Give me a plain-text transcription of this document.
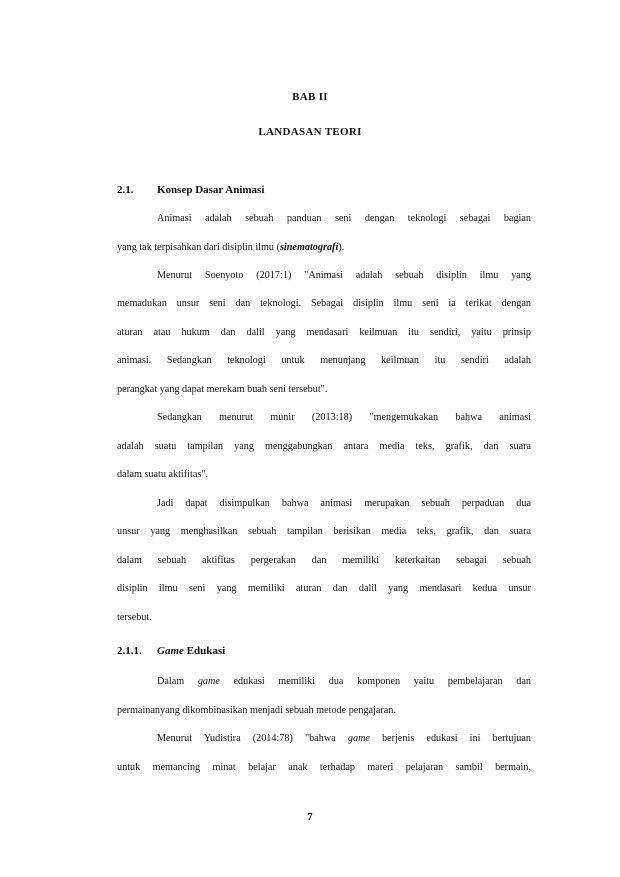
BAB II
LANDASAN TEORI
2.1. Konsep Dasar Animasi
Animasi adalah sebuah panduan seni dengan teknologi sebagai bagian
yang tak terpisahkan dari disiplin ilmu (sinematografi).
Menurut Soenyoto (2017:1) "Animasi adalah sebuah disiplin ilmu yang
memadukan unsur seni dan teknologi. Sebagai disiplin ilmu seni ia terikat dengan
aturan atau hukum dan dalil yang mendasari keilmuan itu sendiri, yaitu prinsip
animasi. Sedangkan teknologi untuk menunjang keilmuan itu sendiri adalah
perangkat yang dapat merekam buah seni tersebut".
Sedangkan menurut munir (2013:18) "mengemukakan bahwa animasi
adalah suatu tampilan yang menggabungkan antara media teks, grafik, dan suara
dalam suatu aktifitas".
Jadi dapat disimpulkan bahwa animasi merupakan sebuah perpaduan dua
unsur yang menghasilkan sebuah tampilan berisikan media teks, grafik, dan suara
dalam sebuah aktifitas pergerakan dan memiliki keterkaitan sebagai sebuah
disiplin ilmu seni yang memiliki aturan dan dalil yang mendasari kedua unsur
tersebut.
2.1.1. Game Edukasi
Dalam game edukasi memiliki dua komponen yaitu pembelajaran dan
permainanyang dikombinasikan menjadi sebuah metode pengajaran.
Menurut Yudistira (2014:78) "bahwa game berjenis edukasi ini bertujuan
untuk memancing minat belajar anak terhadap materi pelajaran sambil bermain,
7
